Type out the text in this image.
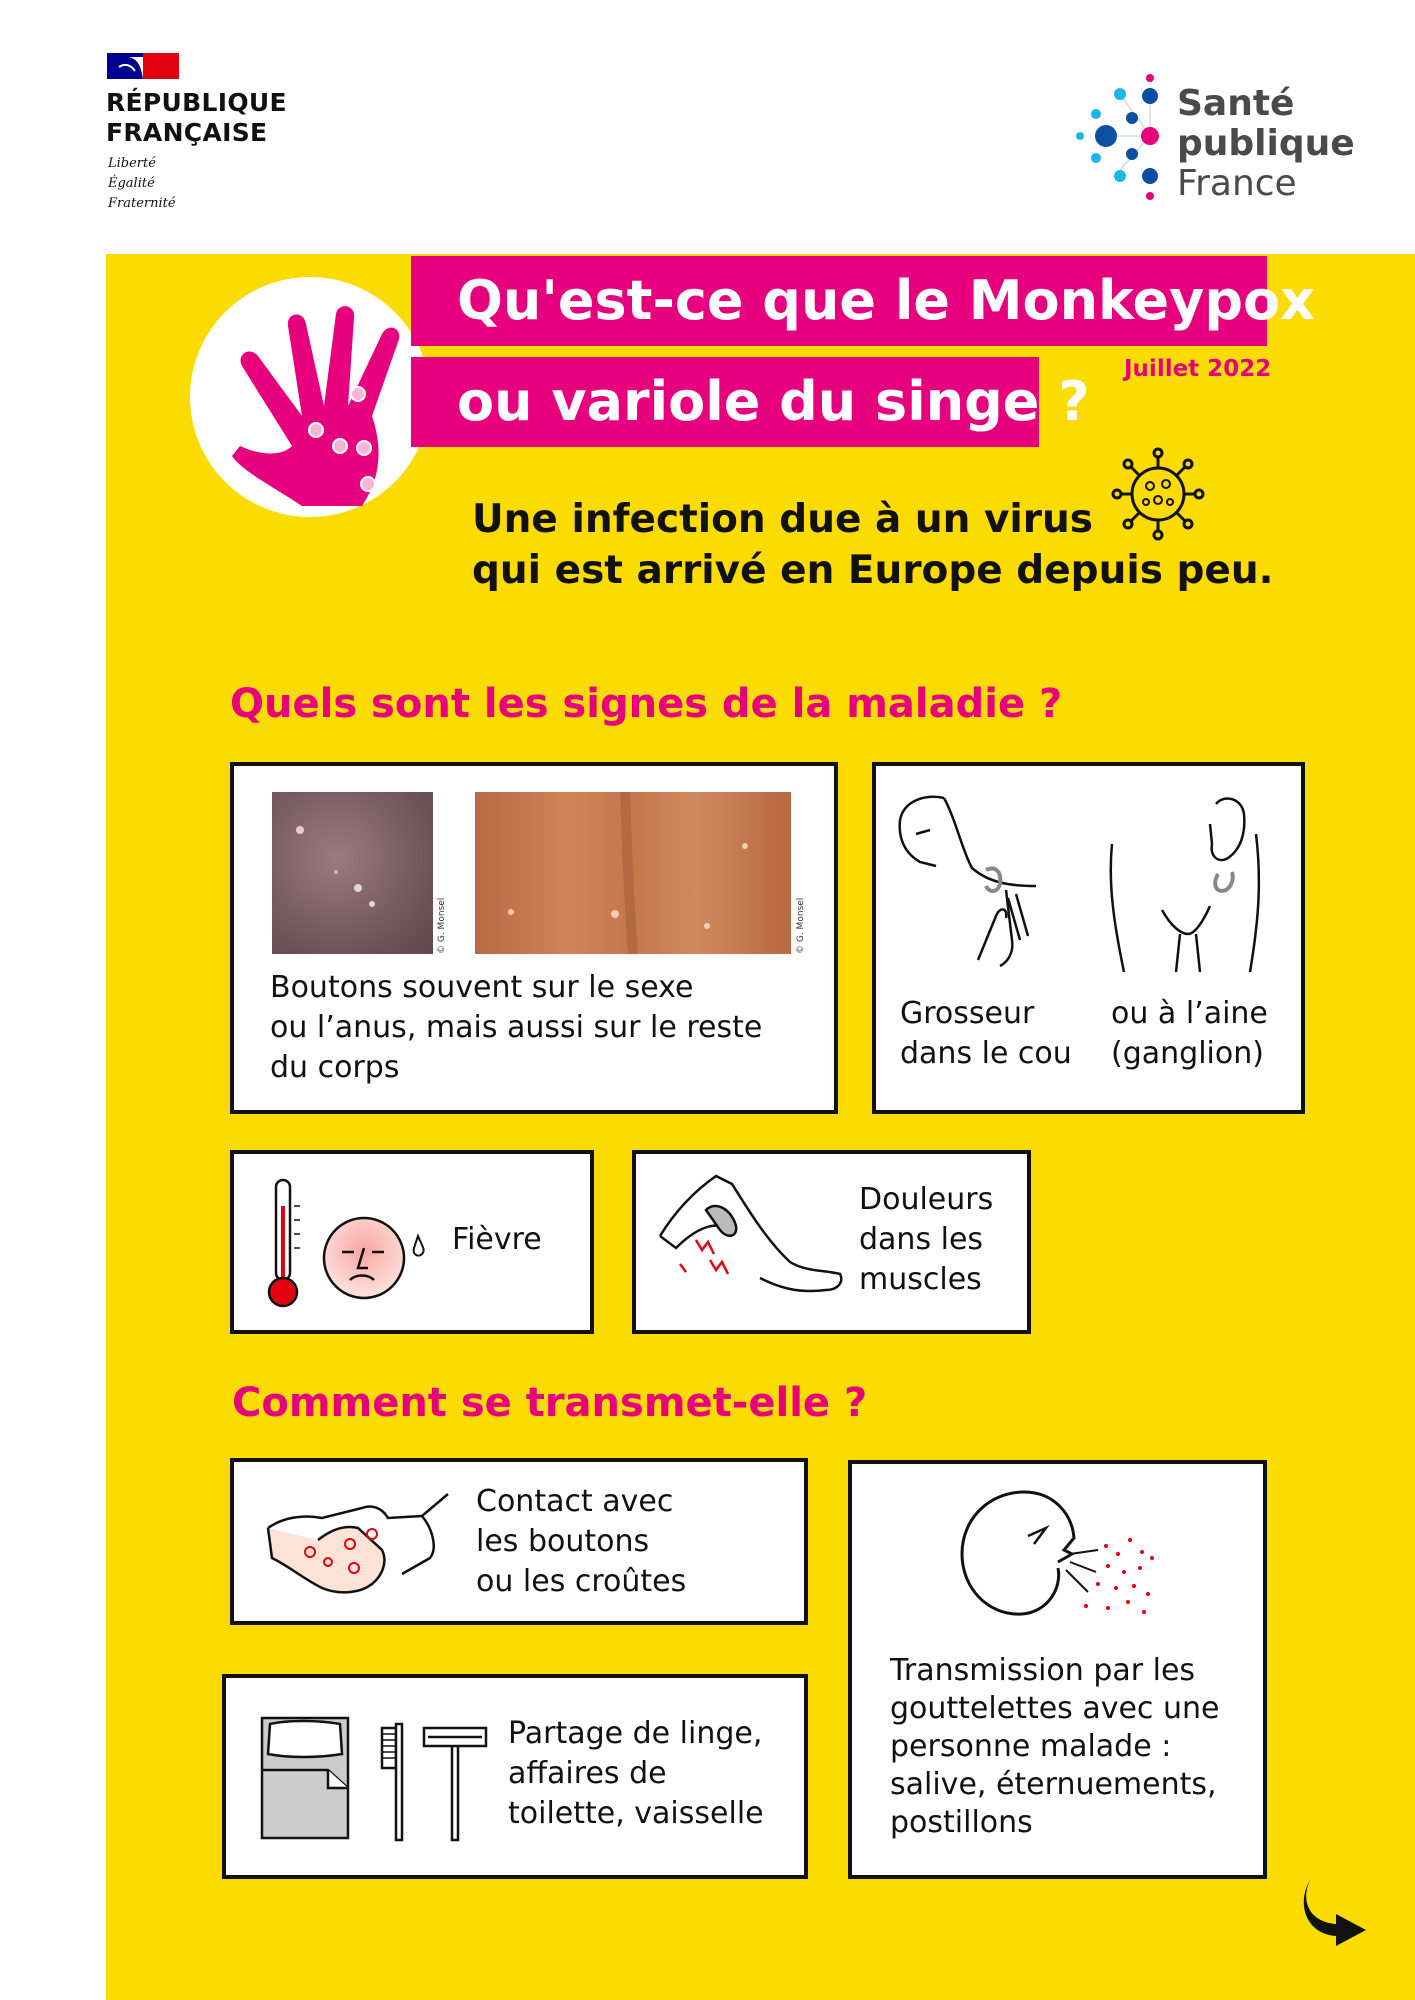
RÉPUBLIQUE
FRANÇAISE
Liberté
Égalité
Fraternité
Santé
publique
France
Qu'est-ce que le Monkeypox
ou variole du singe ?
Juillet 2022
Une infection due à un virus
qui est arrivé en Europe depuis peu.
Quels sont les signes de la maladie ?
© G. Monsel	© G. Monsel
Boutons souvent sur le sexe
ou l’anus, mais aussi sur le reste
du corps
Grosseur
dans le cou
ou à l’aine
(ganglion)
Fièvre
Douleurs
dans les
muscles
Comment se transmet-elle ?
Contact avec
les boutons
ou les croûtes
Partage de linge,
affaires de
toilette, vaisselle
Transmission par les
gouttelettes avec une
personne malade :
salive, éternuements,
postillons
